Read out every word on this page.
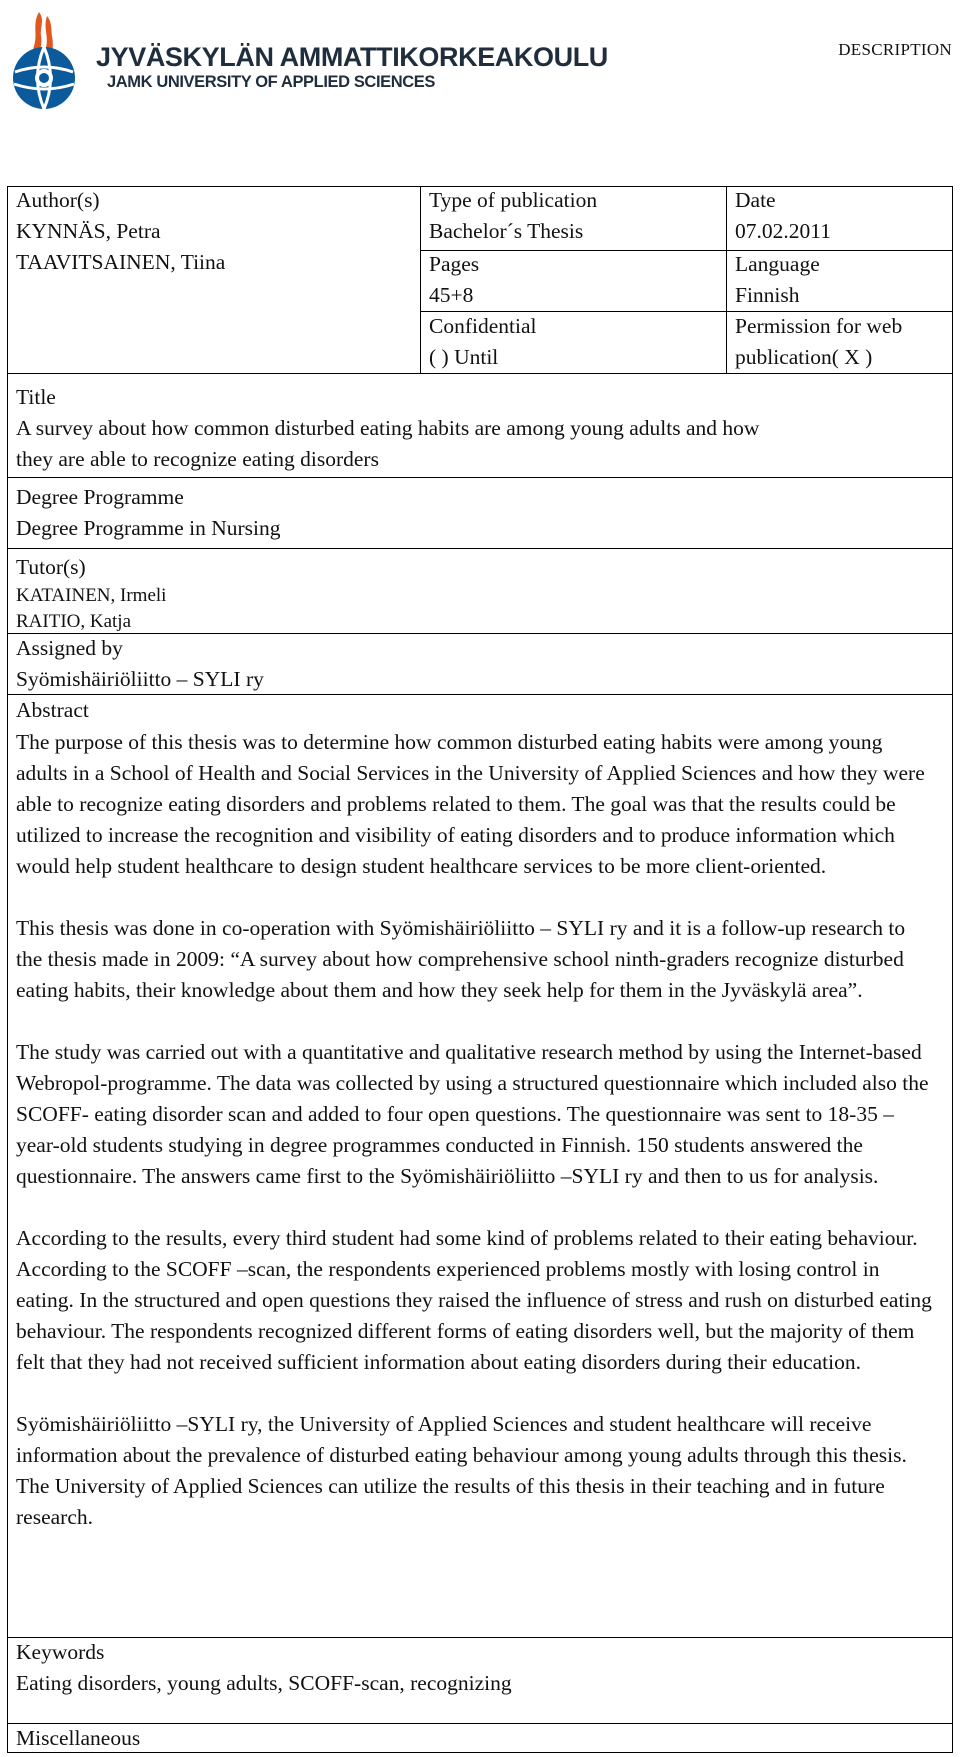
JYVÄSKYLÄN AMMATTIKORKEAKOULU
JAMK UNIVERSITY OF APPLIED SCIENCES
DESCRIPTION
Author(s)
KYNNÄS, Petra
TAAVITSAINEN, Tiina
Type of publication
Bachelor´s Thesis
Date
07.02.2011
Pages
45+8
Language
Finnish
Confidential
( ) Until
Permission for web
publication( X )
Title
A survey about how common disturbed eating habits are among young adults and how
they are able to recognize eating disorders
Degree Programme
Degree Programme in Nursing
Tutor(s)
KATAINEN, Irmeli
RAITIO, Katja
Assigned by
Syömishäiriöliitto – SYLI ry
Abstract
Keywords
Eating disorders, young adults, SCOFF-scan, recognizing
Miscellaneous

The purpose of this thesis was to determine how common disturbed eating habits were among young adults in a School of Health and Social Services in the University of Applied Sciences and how they were able to recognize eating disorders and problems related to them. The goal was that the results could be utilized to increase the recognition and visibility of eating disorders and to produce information which would help student healthcare to design student healthcare services to be more client-oriented.

This thesis was done in co-operation with Syömishäiriöliitto – SYLI ry and it is a follow-up research to the thesis made in 2009: “A survey about how comprehensive school ninth-graders recognize disturbed eating habits, their knowledge about them and how they seek help for them in the Jyväskylä area”.

The study was carried out with a quantitative and qualitative research method by using the Internet-based Webropol-programme. The data was collected by using a structured questionnaire which included also the SCOFF- eating disorder scan and added to four open questions. The questionnaire was sent to 18-35 –year-old students studying in degree programmes conducted in Finnish. 150 students answered the questionnaire. The answers came first to the Syömishäiriöliitto –SYLI ry and then to us for analysis.

According to the results, every third student had some kind of problems related to their eating behaviour. According to the SCOFF –scan, the respondents experienced problems mostly with losing control in eating. In the structured and open questions they raised the influence of stress and rush on disturbed eating behaviour. The respondents recognized different forms of eating disorders well, but the majority of them felt that they had not received sufficient information about eating disorders during their education.

Syömishäiriöliitto –SYLI ry, the University of Applied Sciences and student healthcare will receive information about the prevalence of disturbed eating behaviour among young adults through this thesis. The University of Applied Sciences can utilize the results of this thesis in their teaching and in future research.
